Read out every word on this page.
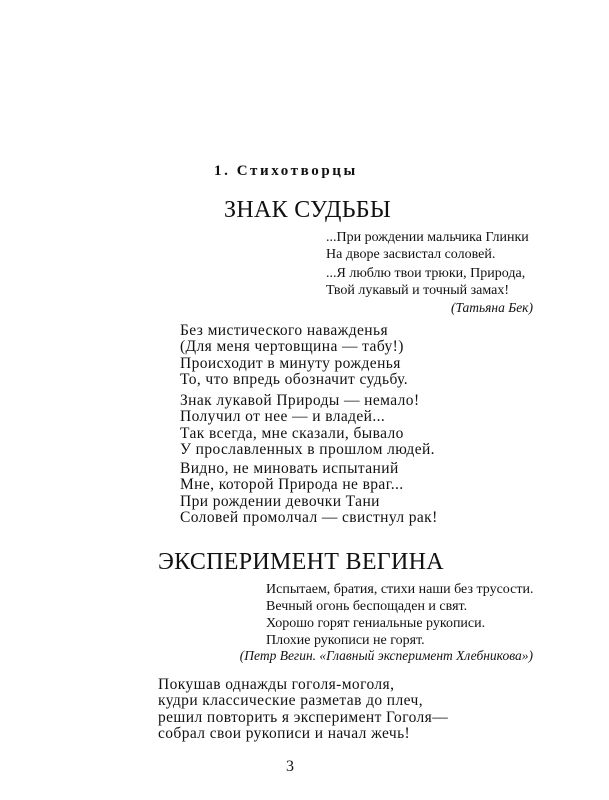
1. Стихотворцы
ЗНАК СУДЬБЫ
...При рождении мальчика Глинки
На дворе засвистал соловей.
...Я люблю твои трюки, Природа,
Твой лукавый и точный замах!
(Татьяна Бек)
Без мистического наважденья
(Для меня чертовщина — табу!)
Происходит в минуту рожденья
То, что впредь обозначит судьбу.
Знак лукавой Природы — немало!
Получил от нее — и владей...
Так всегда, мне сказали, бывало
У прославленных в прошлом людей.
Видно, не миновать испытаний
Мне, которой Природа не враг...
При рождении девочки Тани
Соловей промолчал — свистнул рак!
ЭКСПЕРИМЕНТ ВЕГИНА
Испытаем, братия, стихи наши без трусости.
Вечный огонь беспощаден и свят.
Хорошо горят гениальные рукописи.
Плохие рукописи не горят.
(Петр Вегин. «Главный эксперимент Хлебникова»)
Покушав однажды гоголя-моголя,
кудри классические разметав до плеч,
решил повторить я эксперимент Гоголя—
собрал свои рукописи и начал жечь!
3
